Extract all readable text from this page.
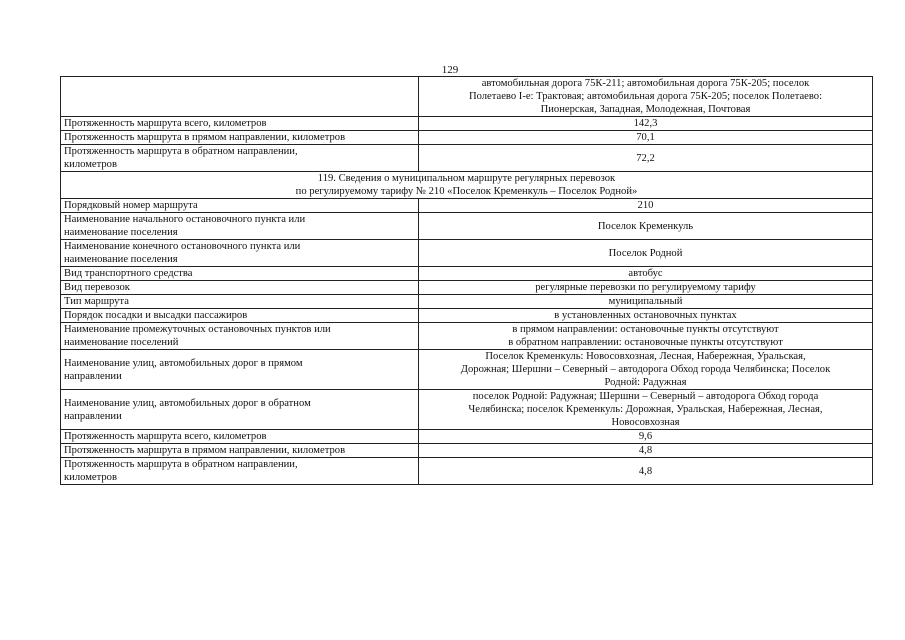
129

	автомобильная дорога 75К-211; автомобильная дорога 75К-205; поселок
Полетаево I-е: Трактовая; автомобильная дорога 75К-205; поселок Полетаево:
Пионерская, Западная, Молодежная, Почтовая

Протяженность маршрута всего, километров	142,3
Протяженность маршрута в прямом направлении, километров	70,1

Протяженность маршрута в обратном направлении,
километров	72,2

119. Сведения о муниципальном маршруте регулярных перевозок
по регулируемому тарифу № 210 «Поселок Кременкуль – Поселок Родной»	

Порядковый номер маршрута	210

Наименование начального остановочного пункта или
наименование поселения	Поселок Кременкуль

Наименование конечного остановочного пункта или
наименование поселения	Поселок Родной
Вид транспортного средства	автобус
Вид перевозок	регулярные перевозки по регулируемому тарифу
Тип маршрута	муниципальный
Порядок посадки и высадки пассажиров	в установленных остановочных пунктах

Наименование промежуточных остановочных пунктов или
наименование поселений	в прямом направлении: остановочные пункты отсутствуют
в обратном направлении: остановочные пункты отсутствуют

Наименование улиц, автомобильных дорог в прямом
направлении	Поселок Кременкуль: Новосовхозная, Лесная, Набережная, Уральская,
Дорожная; Шершни – Северный – автодорога Обход города Челябинска; Поселок
Родной: Радужная

Наименование улиц, автомобильных дорог в обратном
направлении	поселок Родной: Радужная; Шершни – Северный – автодорога Обход города
Челябинска; поселок Кременкуль: Дорожная, Уральская, Набережная, Лесная,
Новосовхозная

Протяженность маршрута всего, километров	9,6
Протяженность маршрута в прямом направлении, километров	4,8

Протяженность маршрута в обратном направлении,
километров	4,8
